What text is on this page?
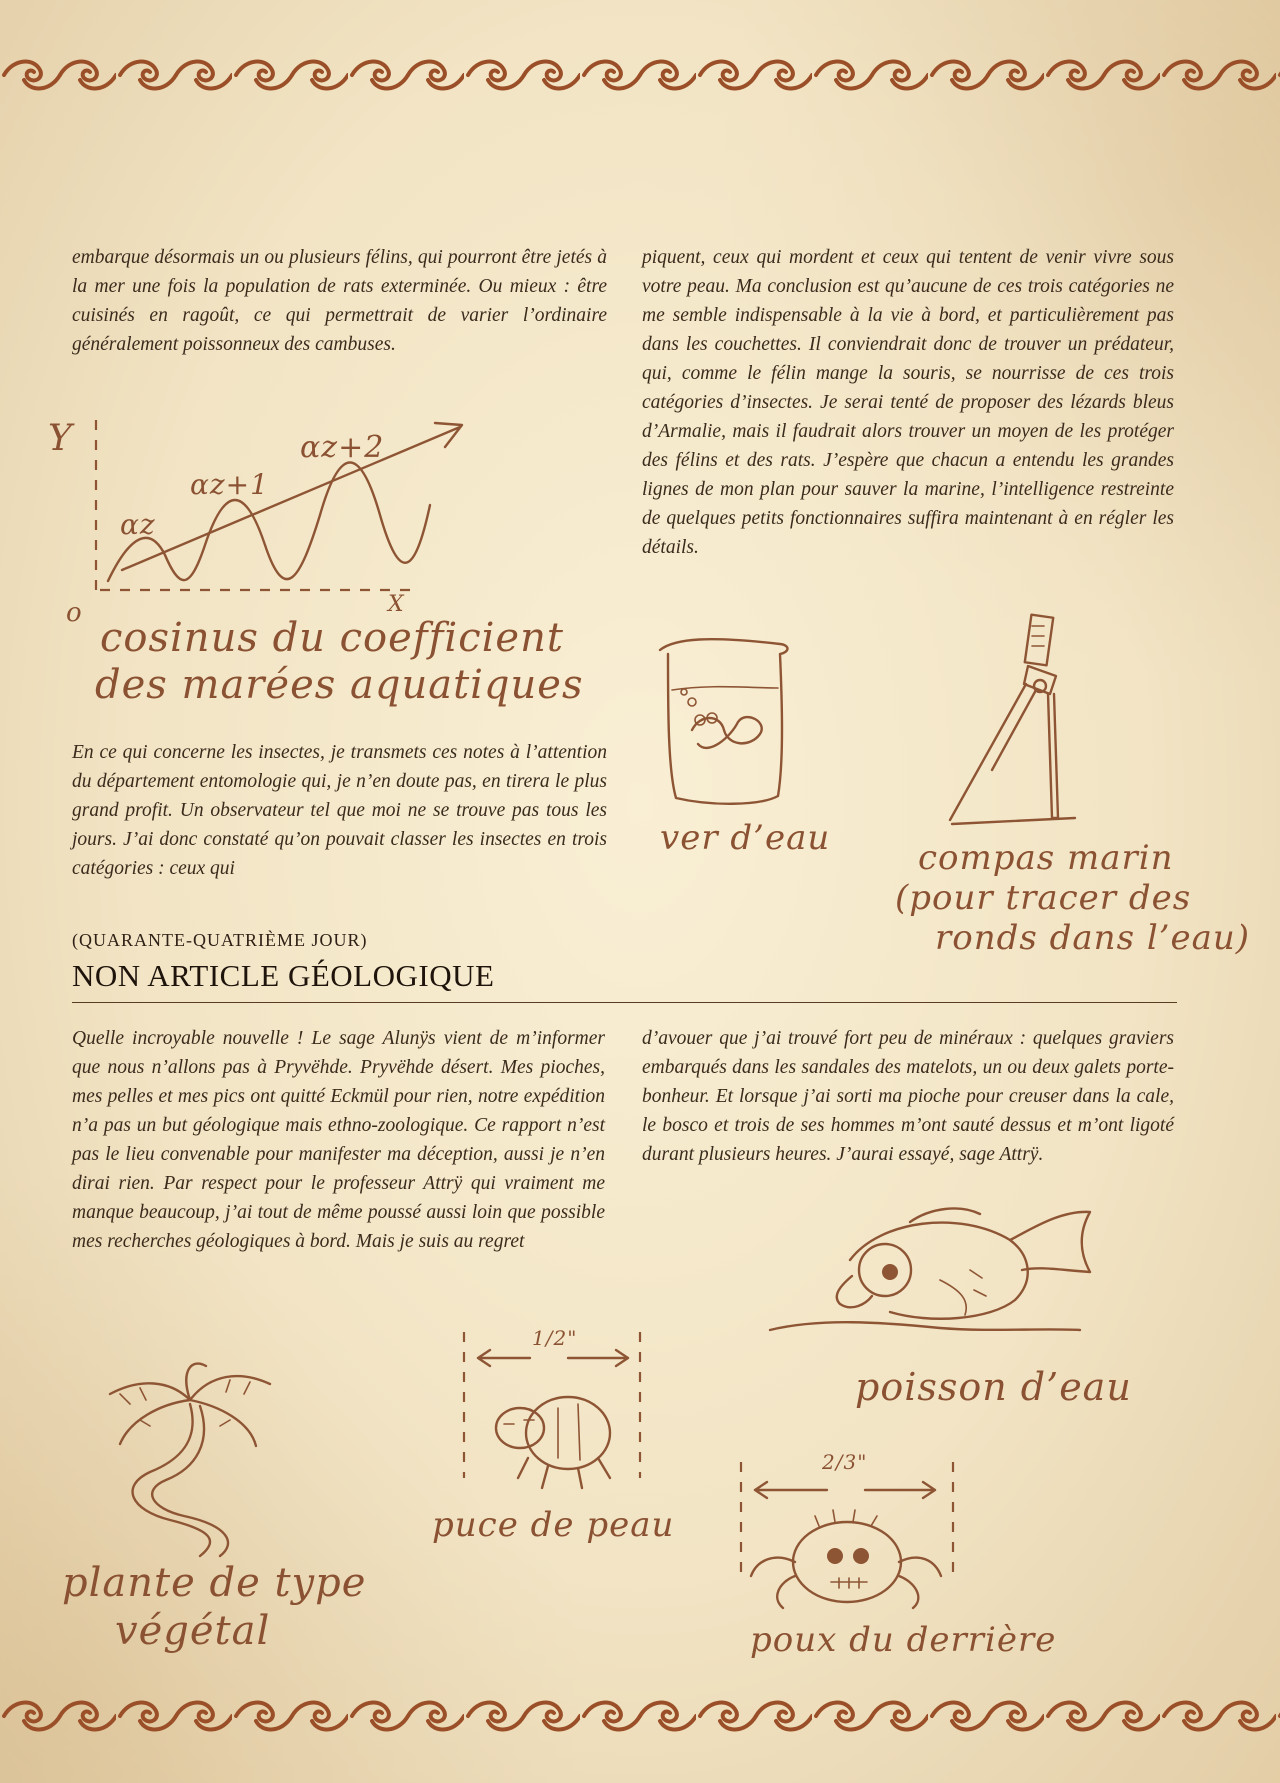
embarque désormais un ou plusieurs félins, qui pourront être jetés à la mer une fois la population de rats exterminée. Ou mieux : être cuisinés en ragoût, ce qui permettrait de varier l’ordinaire généralement poissonneux des cambuses.

Y
o	X
αz
αz+1
αz+2
cosinus du coefficient
des marées aquatiques

En ce qui concerne les insectes, je transmets ces notes à l’attention du département entomologie qui, je n’en doute pas, en tirera le plus grand profit. Un observateur tel que moi ne se trouve pas tous les jours. J’ai donc constaté qu’on pouvait classer les insectes en trois catégories : ceux qui

piquent, ceux qui mordent et ceux qui tentent de venir vivre sous votre peau. Ma conclusion est qu’aucune de ces trois catégories ne me semble indispensable à la vie à bord, et particulièrement pas dans les couchettes. Il conviendrait donc de trouver un prédateur, qui, comme le félin mange la souris, se nourrisse de ces trois catégories d’insectes. Je serai tenté de proposer des lézards bleus d’Armalie, mais il faudrait alors trouver un moyen de les protéger des félins et des rats. J’espère que chacun a entendu les grandes lignes de mon plan pour sauver la marine, l’intelligence restreinte de quelques petits fonctionnaires suffira maintenant à en régler les détails.

ver d’eau	compas marin
(pour tracer des
ronds dans l’eau)
(QUARANTE-QUATRIÈME JOUR)
NON ARTICLE GÉOLOGIQUE

Quelle incroyable nouvelle ! Le sage Alunÿs vient de m’informer que nous n’allons pas à Pryvëhde. Pryvëhde désert. Mes pioches, mes pelles et mes pics ont quitté Eckmül pour rien, notre expédition n’a pas un but géologique mais ethno-zoologique. Ce rapport n’est pas le lieu convenable pour manifester ma déception, aussi je n’en dirai rien. Par respect pour le professeur Attrÿ qui vraiment me manque beaucoup, j’ai tout de même poussé aussi loin que possible mes recherches géologiques à bord. Mais je suis au regret

d’avouer que j’ai trouvé fort peu de minéraux : quelques graviers embarqués dans les sandales des matelots, un ou deux galets porte-bonheur. Et lorsque j’ai sorti ma pioche pour creuser dans la cale, le bosco et trois de ses hommes m’ont sauté dessus et m’ont ligoté durant plusieurs heures. J’aurai essayé, sage Attrÿ.

poisson d’eau
plante de type
végétal
1/2"
puce de peau
2/3"
poux du derrière
